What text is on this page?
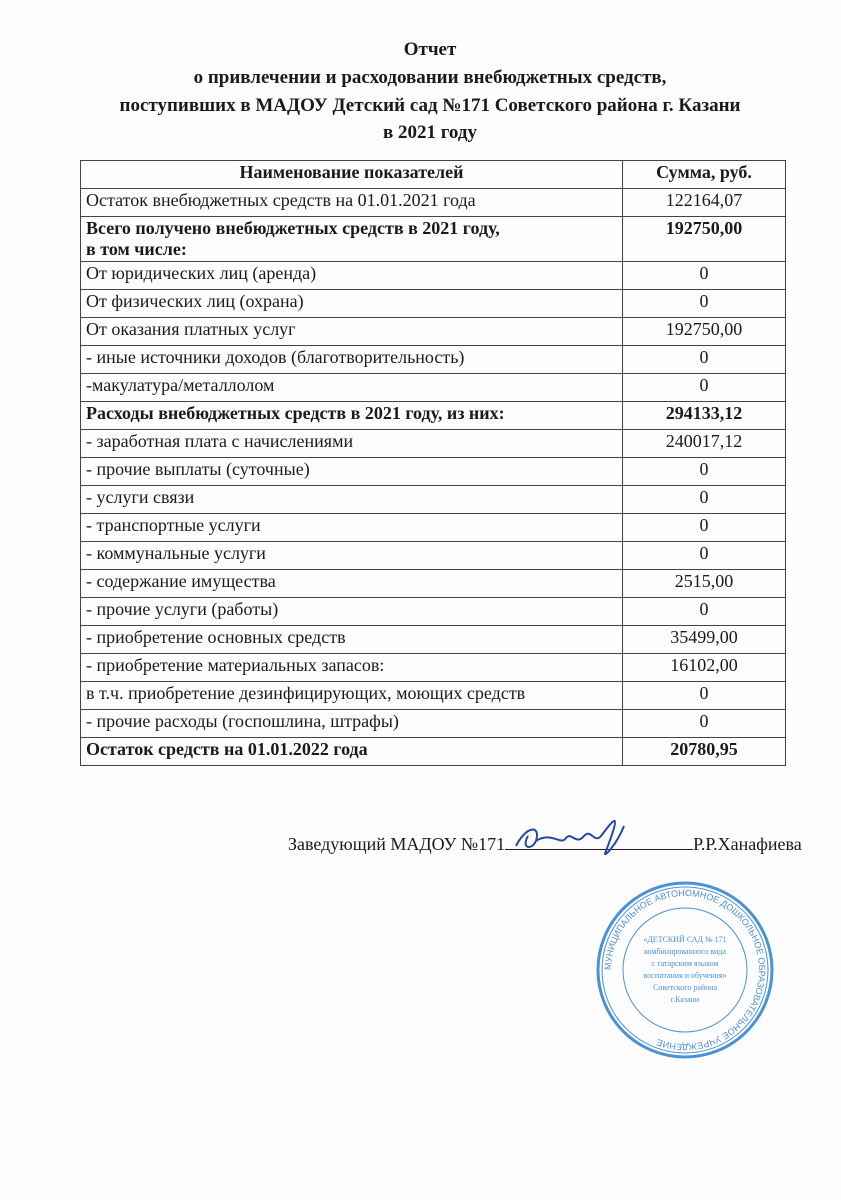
Отчет
о привлечении и расходовании внебюджетных средств,
поступивших в МАДОУ Детский сад №171 Советского района г. Казани
в 2021 году
Наименование показателей	Сумма, руб.
Остаток внебюджетных средств на 01.01.2021 года	122164,07
Всего получено внебюджетных средств в 2021 году,
в том числе:	192750,00
От юридических лиц (аренда)	0
От физических лиц (охрана)	0
От оказания платных услуг	192750,00
- иные источники доходов (благотворительность)	0
-макулатура/металлолом	0
Расходы внебюджетных средств в 2021 году, из них:	294133,12
- заработная плата с начислениями	240017,12
- прочие выплаты (суточные)	0
- услуги связи	0
- транспортные услуги	0
- коммунальные услуги	0
- содержание имущества	2515,00
- прочие услуги (работы)	0
- приобретение основных средств	35499,00
- приобретение материальных запасов:	16102,00
в т.ч. приобретение дезинфицирующих, моющих средств	0
- прочие расходы (госпошлина, штрафы)	0
Остаток средств на 01.01.2022 года	20780,95
Заведующий МАДОУ №171	Р.Р.Ханафиева
МУНИЦИПАЛЬНОЕ АВТОНОМНОЕ ДОШКОЛЬНОЕ ОБРАЗОВАТЕЛЬНОЕ УЧРЕЖДЕНИЕ
«ДЕТСКИЙ САД № 171
комбинированного вида
с татарским языком
воспитания и обучения»
Советского района
г.Казани
